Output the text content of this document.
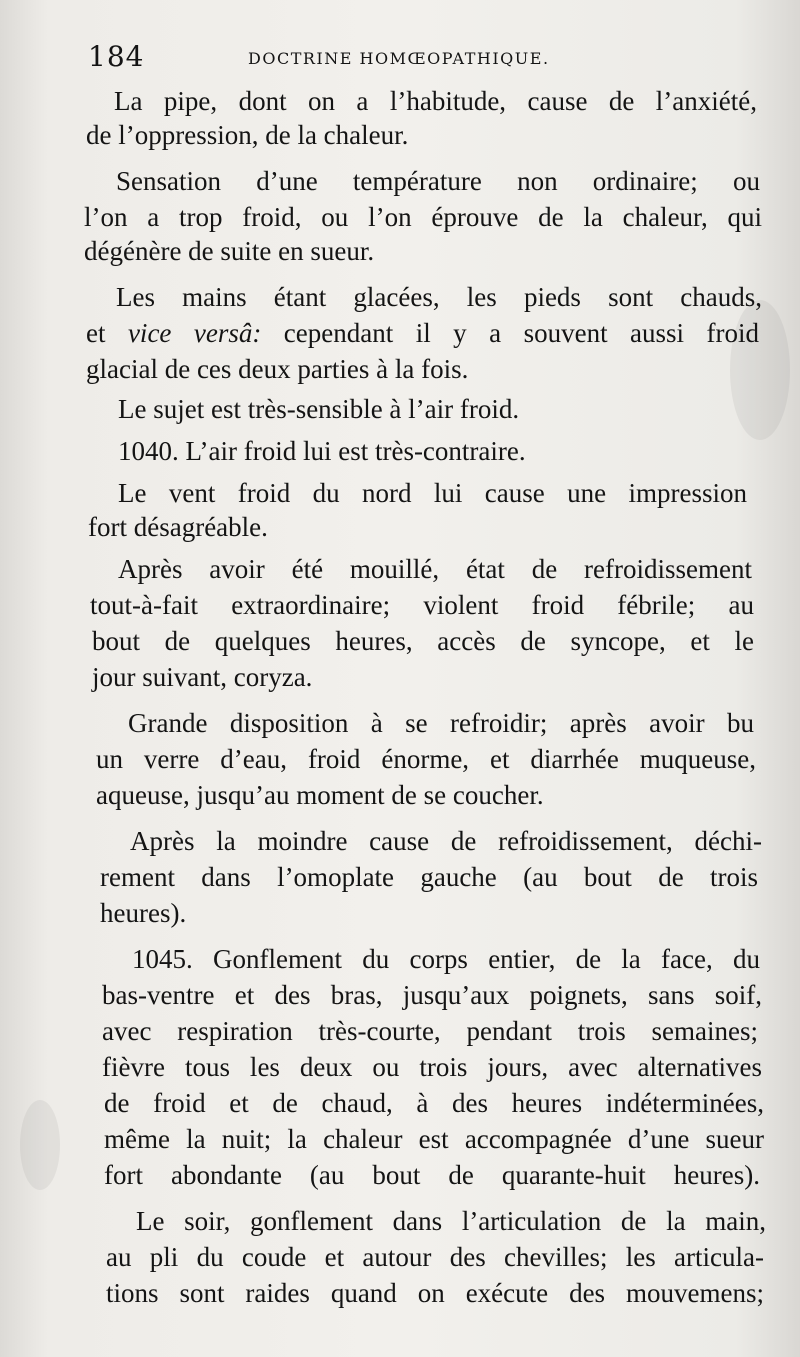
184	DOCTRINE HOMŒOPATHIQUE.
La pipe, dont on a l’habitude, cause de l’anxiété,
de l’oppression, de la chaleur.
Sensation d’une température non ordinaire; ou
l’on a trop froid, ou l’on éprouve de la chaleur, qui
dégénère de suite en sueur.
Les mains étant glacées, les pieds sont chauds,
et vice versâ: cependant il y a souvent aussi froid
glacial de ces deux parties à la fois.
Le sujet est très-sensible à l’air froid.
1040. L’air froid lui est très-contraire.
Le vent froid du nord lui cause une impression
fort désagréable.
Après avoir été mouillé, état de refroidissement
tout-à-fait extraordinaire; violent froid fébrile; au
bout de quelques heures, accès de syncope, et le
jour suivant, coryza.
Grande disposition à se refroidir; après avoir bu
un verre d’eau, froid énorme, et diarrhée muqueuse,
aqueuse, jusqu’au moment de se coucher.
Après la moindre cause de refroidissement, déchi-
rement dans l’omoplate gauche (au bout de trois
heures).
1045. Gonflement du corps entier, de la face, du
bas-ventre et des bras, jusqu’aux poignets, sans soif,
avec respiration très-courte, pendant trois semaines;
fièvre tous les deux ou trois jours, avec alternatives
de froid et de chaud, à des heures indéterminées,
même la nuit; la chaleur est accompagnée d’une sueur
fort abondante (au bout de quarante-huit heures).
Le soir, gonflement dans l’articulation de la main,
au pli du coude et autour des chevilles; les articula-
tions sont raides quand on exécute des mouvemens;
